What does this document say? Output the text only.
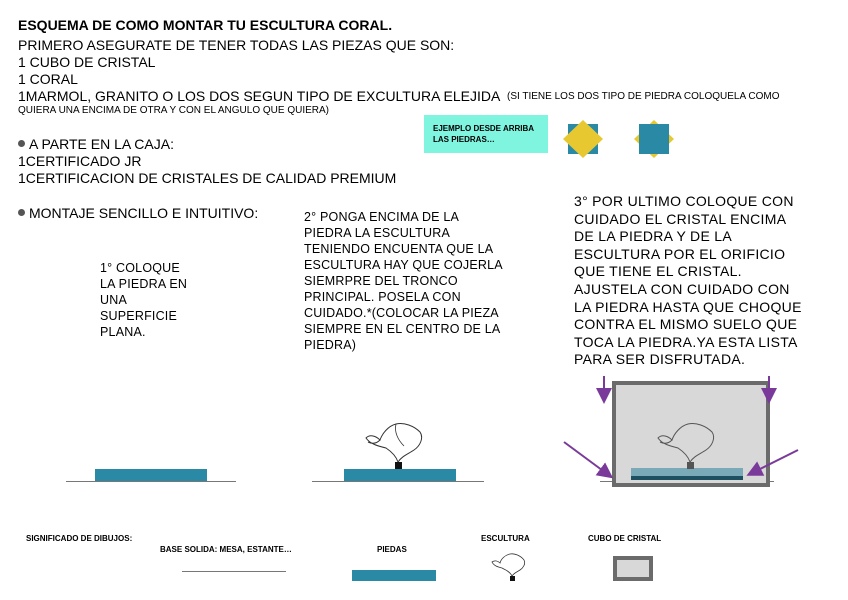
ESQUEMA DE COMO MONTAR TU ESCULTURA CORAL.
PRIMERO ASEGURATE DE TENER TODAS LAS PIEZAS QUE SON:
1 CUBO DE CRISTAL
1 CORAL
1MARMOL, GRANITO O LOS DOS SEGUN TIPO DE EXCULTURA ELEJIDA (SI TIENE LOS DOS TIPO DE PIEDRA COLOQUELA COMO QUIERA UNA ENCIMA DE OTRA Y CON EL ANGULO QUE QUIERA)
A PARTE EN LA CAJA:
1CERTIFICADO JR
1CERTIFICACION DE CRISTALES DE CALIDAD PREMIUM
EJEMPLO DESDE ARRIBA LAS PIEDRAS…
MONTAJE SENCILLO E INTUITIVO:
1° COLOQUE LA PIEDRA EN UNA SUPERFICIE PLANA.
2° PONGA ENCIMA DE LA PIEDRA LA ESCULTURA TENIENDO ENCUENTA QUE LA ESCULTURA HAY QUE COJERLA SIEMRPRE DEL TRONCO PRINCIPAL. POSELA CON CUIDADO.*(COLOCAR LA PIEZA SIEMPRE EN EL CENTRO DE LA PIEDRA)
3° POR ULTIMO COLOQUE CON CUIDADO EL CRISTAL ENCIMA DE LA PIEDRA Y DE LA ESCULTURA POR EL ORIFICIO QUE TIENE EL CRISTAL. AJUSTELA CON CUIDADO CON LA PIEDRA HASTA QUE CHOQUE CONTRA EL MISMO SUELO QUE TOCA LA PIEDRA.YA ESTA LISTA PARA SER DISFRUTADA.
SIGNIFICADO DE DIBUJOS:
BASE SOLIDA: MESA, ESTANTE…	PIEDAS
ESCULTURA	CUBO DE CRISTAL
